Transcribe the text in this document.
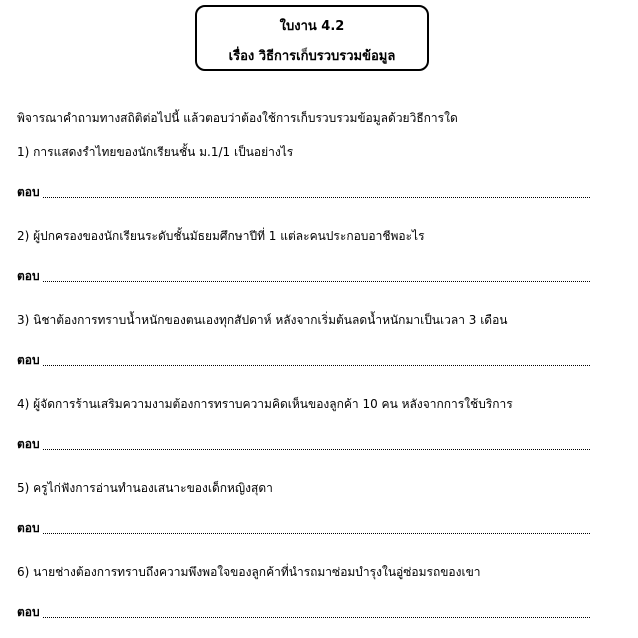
ใบงาน 4.2
เรื่อง วิธีการเก็บรวบรวมข้อมูล
พิจารณาคำถามทางสถิติต่อไปนี้ แล้วตอบว่าต้องใช้การเก็บรวบรวมข้อมูลด้วยวิธีการใด
1) การแสดงรำไทยของนักเรียนชั้น ม.1/1 เป็นอย่างไร
ตอบ
2) ผู้ปกครองของนักเรียนระดับชั้นมัธยมศึกษาปีที่ 1 แต่ละคนประกอบอาชีพอะไร
ตอบ
3) นิชาต้องการทราบน้ำหนักของตนเองทุกสัปดาห์ หลังจากเริ่มต้นลดน้ำหนักมาเป็นเวลา 3 เดือน
ตอบ
4) ผู้จัดการร้านเสริมความงามต้องการทราบความคิดเห็นของลูกค้า 10 คน หลังจากการใช้บริการ
ตอบ
5) ครูไก่ฟังการอ่านทำนองเสนาะของเด็กหญิงสุดา
ตอบ
6) นายช่างต้องการทราบถึงความพึงพอใจของลูกค้าที่นำรถมาซ่อมบำรุงในอู่ซ่อมรถของเขา
ตอบ
